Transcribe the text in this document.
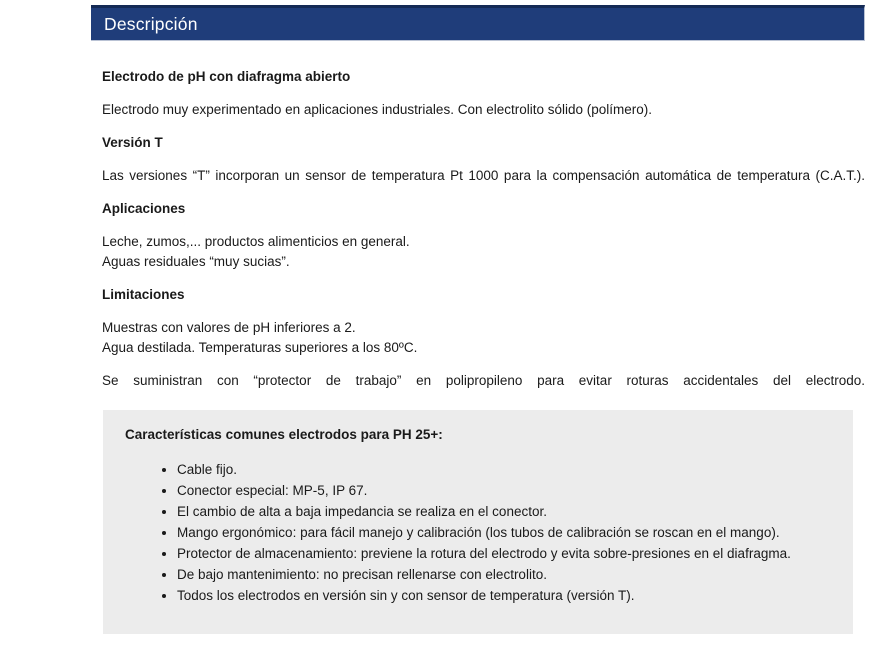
Descripción

Electrodo de pH con diafragma abierto

Electrodo muy experimentado en aplicaciones industriales. Con electrolito sólido (polímero).

Versión T

Las versiones “T” incorporan un sensor de temperatura Pt 1000 para la compensación automática de temperatura (C.A.T.).

Aplicaciones

Leche, zumos,... productos alimenticios en general.

Aguas residuales “muy sucias”.

Limitaciones

Muestras con valores de pH inferiores a 2.

Agua destilada. Temperaturas superiores a los 80ºC.

Se suministran con “protector de trabajo” en polipropileno para evitar roturas accidentales del electrodo.

Características comunes electrodos para PH 25+:

• Cable fijo.
• Conector especial: MP-5, IP 67.
• El cambio de alta a baja impedancia se realiza en el conector.
• Mango ergonómico: para fácil manejo y calibración (los tubos de calibración se roscan en el mango).
• Protector de almacenamiento: previene la rotura del electrodo y evita sobre-presiones en el diafragma.
• De bajo mantenimiento: no precisan rellenarse con electrolito.
• Todos los electrodos en versión sin y con sensor de temperatura (versión T).
